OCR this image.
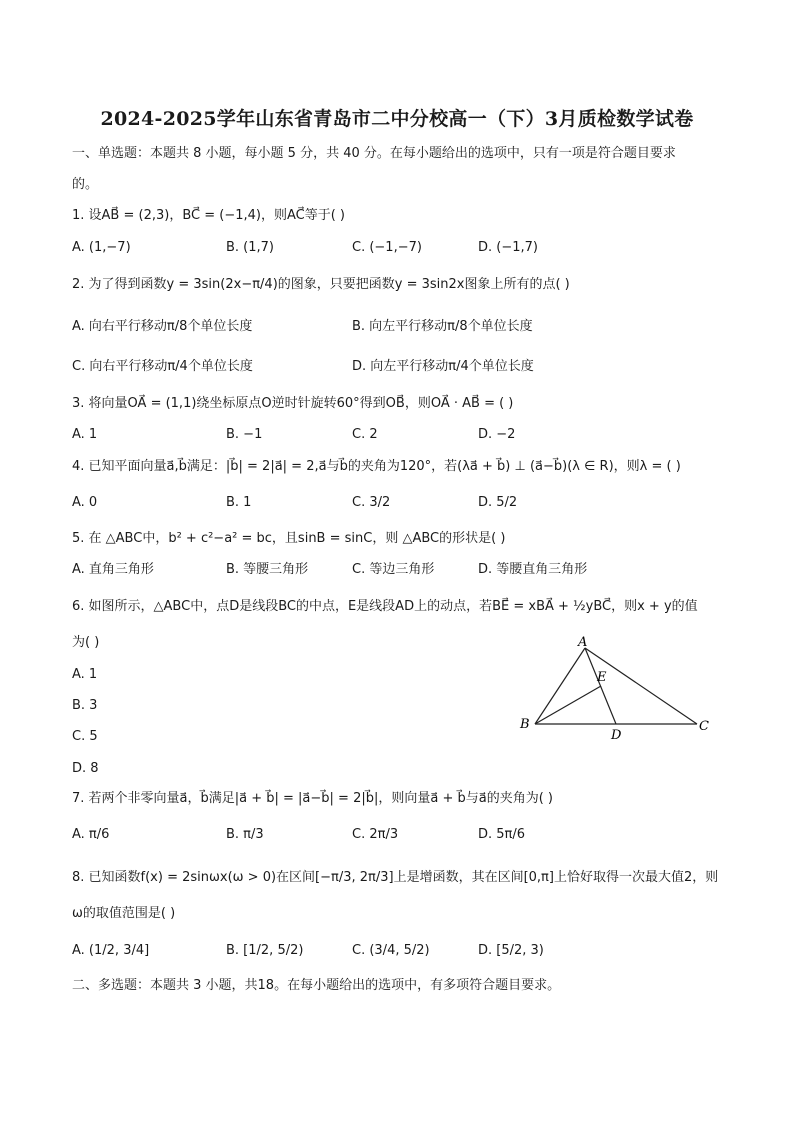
2024-2025学年山东省青岛市二中分校高一（下）3月质检数学试卷
一、单选题：本题共 8 小题，每小题 5 分，共 40 分。在每小题给出的选项中，只有一项是符合题目要求
的。
1. 设AB⃗ = (2,3)，BC⃗ = (−1,4)，则AC⃗等于( )
A. (1,−7)	B. (1,7)	C. (−1,−7)	D. (−1,7)
2. 为了得到函数y = 3sin(2x−π/4)的图象，只要把函数y = 3sin2x图象上所有的点( )
A. 向右平行移动π/8个单位长度	B. 向左平行移动π/8个单位长度
C. 向右平行移动π/4个单位长度	D. 向左平行移动π/4个单位长度
3. 将向量OA⃗ = (1,1)绕坐标原点O逆时针旋转60°得到OB⃗，则OA⃗ · AB⃗ = ( )
A. 1	B. −1	C. 2	D. −2
4. 已知平面向量a⃗,b⃗满足：|b⃗| = 2|a⃗| = 2,a⃗与b⃗的夹角为120°，若(λa⃗ + b⃗) ⊥ (a⃗−b⃗)(λ ∈ R)，则λ = ( )
A. 0	B. 1	C. 3/2	D. 5/2
5. 在 △ABC中，b² + c²−a² = bc，且sinB = sinC，则 △ABC的形状是( )
A. 直角三角形	B. 等腰三角形	C. 等边三角形	D. 等腰直角三角形
6. 如图所示，△ABC中，点D是线段BC的中点，E是线段AD上的动点，若BE⃗ = xBA⃗ + ½yBC⃗，则x + y的值
为( )
A. 1
B. 3
C. 5
D. 8
A
E
B
D
C
7. 若两个非零向量a⃗，b⃗满足|a⃗ + b⃗| = |a⃗−b⃗| = 2|b⃗|，则向量a⃗ + b⃗与a⃗的夹角为( )
A. π/6	B. π/3	C. 2π/3	D. 5π/6
8. 已知函数f(x) = 2sinωx(ω > 0)在区间[−π/3, 2π/3]上是增函数，其在区间[0,π]上恰好取得一次最大值2，则
ω的取值范围是( )
A. (1/2, 3/4]	B. [1/2, 5/2)	C. (3/4, 5/2)	D. [5/2, 3)
二、多选题：本题共 3 小题，共18。在每小题给出的选项中，有多项符合题目要求。
